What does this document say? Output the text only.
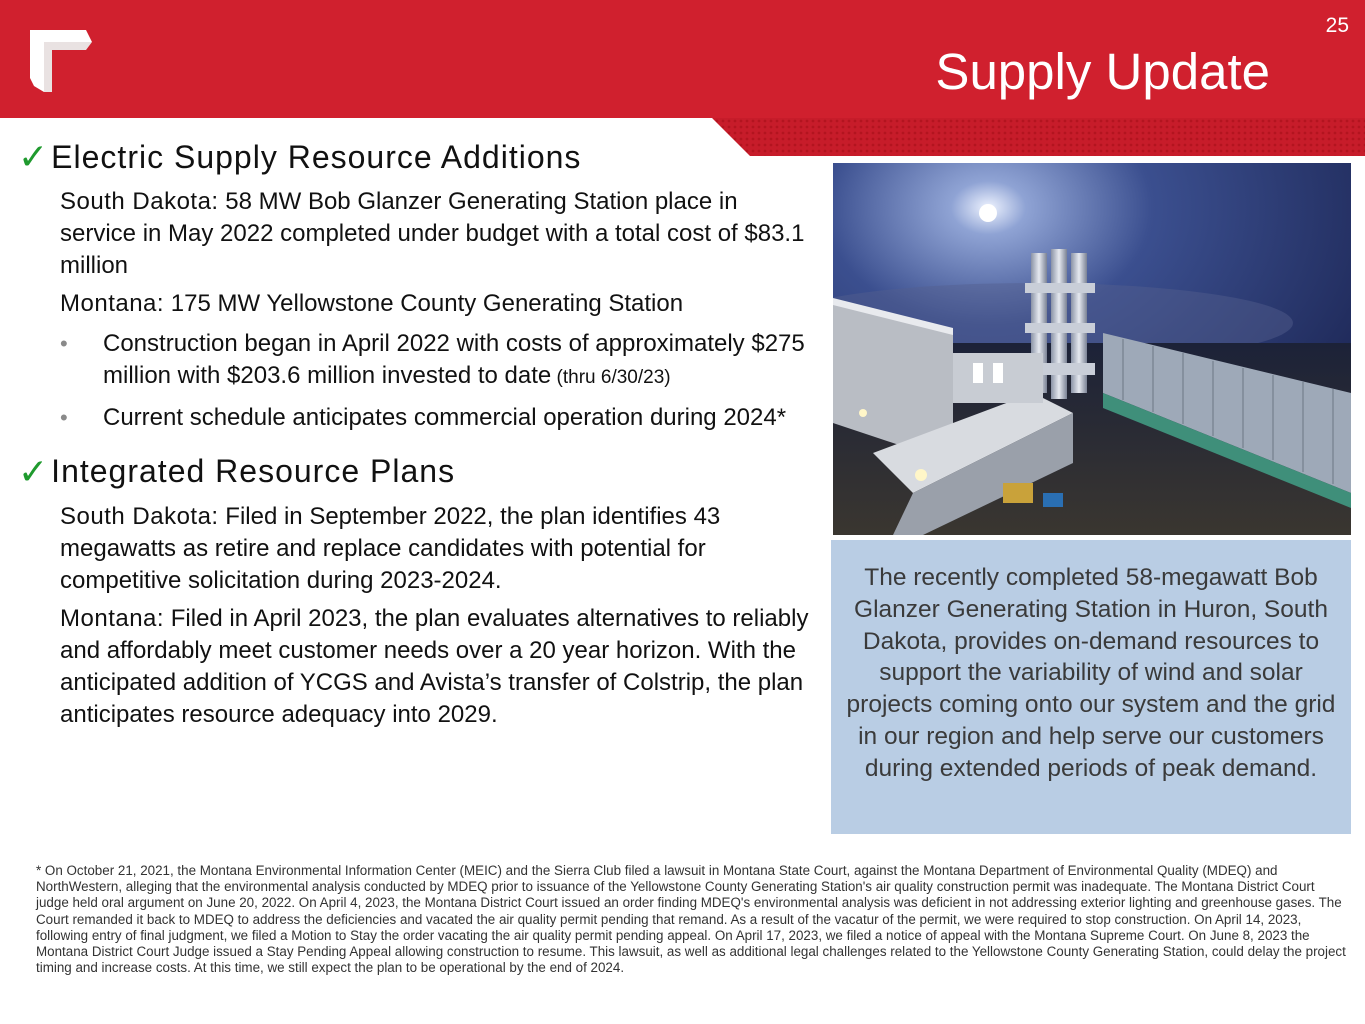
25
Supply Update
✓ Electric Supply Resource Additions

South Dakota: 58 MW Bob Glanzer Generating Station place in service in May 2022 completed under budget with a total cost of $83.1 million

Montana: 175 MW Yellowstone County Generating Station

• Construction began in April 2022 with costs of approximately $275 million with $203.6 million invested to date (thru 6/30/23)
• Current schedule anticipates commercial operation during 2024*
✓ Integrated Resource Plans

South Dakota: Filed in September 2022, the plan identifies 43 megawatts as retire and replace candidates with potential for competitive solicitation during 2023-2024.

Montana: Filed in April 2023, the plan evaluates alternatives to reliably and affordably meet customer needs over a 20 year horizon. With the anticipated addition of YCGS and Avista’s transfer of Colstrip, the plan anticipates resource adequacy into 2029.

The recently completed 58-megawatt Bob Glanzer Generating Station in Huron, South Dakota, provides on-demand resources to support the variability of wind and solar projects coming onto our system and the grid in our region and help serve our customers during extended periods of peak demand.

* On October 21, 2021, the Montana Environmental Information Center (MEIC) and the Sierra Club filed a lawsuit in Montana State Court, against the Montana Department of Environmental Quality (MDEQ) and NorthWestern, alleging that the environmental analysis conducted by MDEQ prior to issuance of the Yellowstone County Generating Station's air quality construction permit was inadequate. The Montana District Court judge held oral argument on June 20, 2022. On April 4, 2023, the Montana District Court issued an order finding MDEQ's environmental analysis was deficient in not addressing exterior lighting and greenhouse gases. The Court remanded it back to MDEQ to address the deficiencies and vacated the air quality permit pending that remand. As a result of the vacatur of the permit, we were required to stop construction. On April 14, 2023, following entry of final judgment, we filed a Motion to Stay the order vacating the air quality permit pending appeal. On April 17, 2023, we filed a notice of appeal with the Montana Supreme Court. On June 8, 2023 the Montana District Court Judge issued a Stay Pending Appeal allowing construction to resume. This lawsuit, as well as additional legal challenges related to the Yellowstone County Generating Station, could delay the project timing and increase costs. At this time, we still expect the plan to be operational by the end of 2024.
